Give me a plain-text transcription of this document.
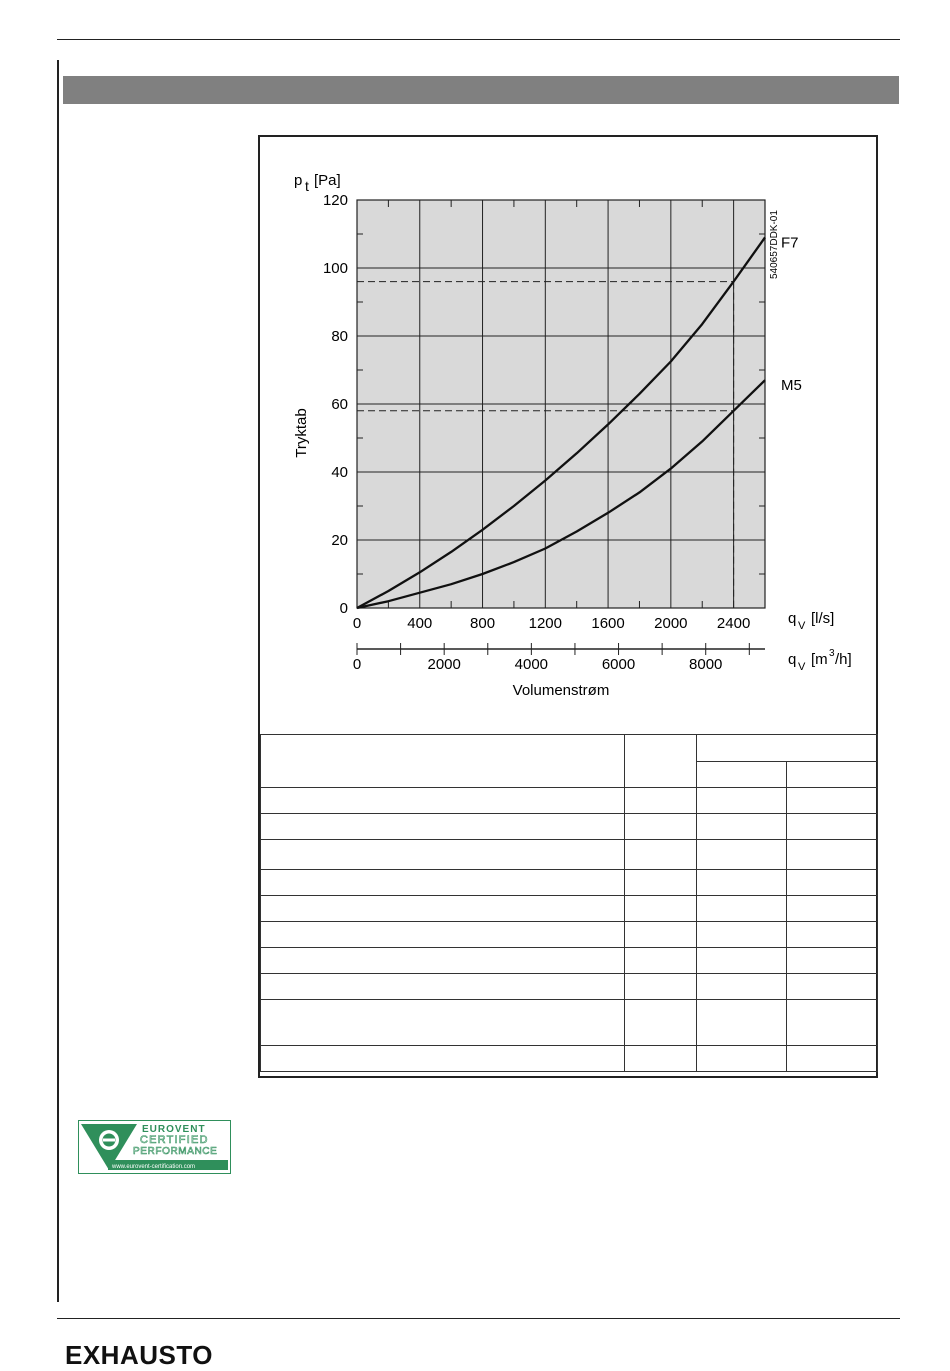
0	400	800 1200 1600 2000 2400
0
20
40
60
80
100
120
F7
M5
540657DDK-01
Tryktab
p t [Pa]
q V [l/s]
0	2000	4000	6000	8000	q V [m 3 /h]
Volumenstrøm

EUROVENT
CERTIFIED
PERFORMANCE
www.eurovent-certification.com
EXHAUSTO
